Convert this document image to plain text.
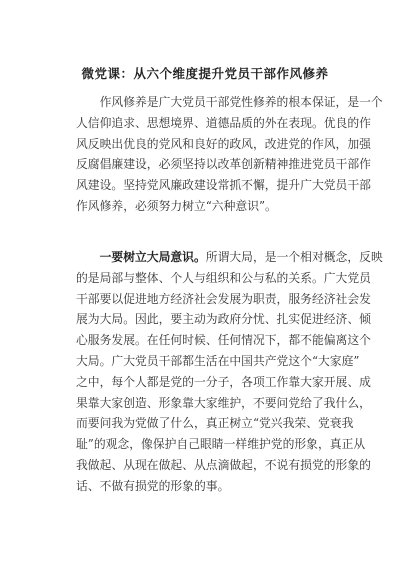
微党课：从六个维度提升党员干部作风修养
　　作风修养是广大党员干部党性修养的根本保证，是一个
人信仰追求、思想境界、道德品质的外在表现。优良的作
风反映出优良的党风和良好的政风，改进党的作风，加强
反腐倡廉建设，必须坚持以改革创新精神推进党员干部作
风建设。坚持党风廉政建设常抓不懈，提升广大党员干部
作风修养，必须努力树立“六种意识”。
　　一要树立大局意识。所谓大局，是一个相对概念，反映
的是局部与整体、个人与组织和公与私的关系。广大党员
干部要以促进地方经济社会发展为职责，服务经济社会发
展为大局。因此，要主动为政府分忧、扎实促进经济、倾
心服务发展。在任何时候、任何情况下，都不能偏离这个
大局。广大党员干部都生活在中国共产党这个“大家庭”
之中，每个人都是党的一分子，各项工作靠大家开展、成
果靠大家创造、形象靠大家维护，不要问党给了我什么，
而要问我为党做了什么，真正树立“党兴我荣、党衰我
耻”的观念，像保护自己眼睛一样维护党的形象，真正从
我做起、从现在做起、从点滴做起，不说有损党的形象的
话、不做有损党的形象的事。
